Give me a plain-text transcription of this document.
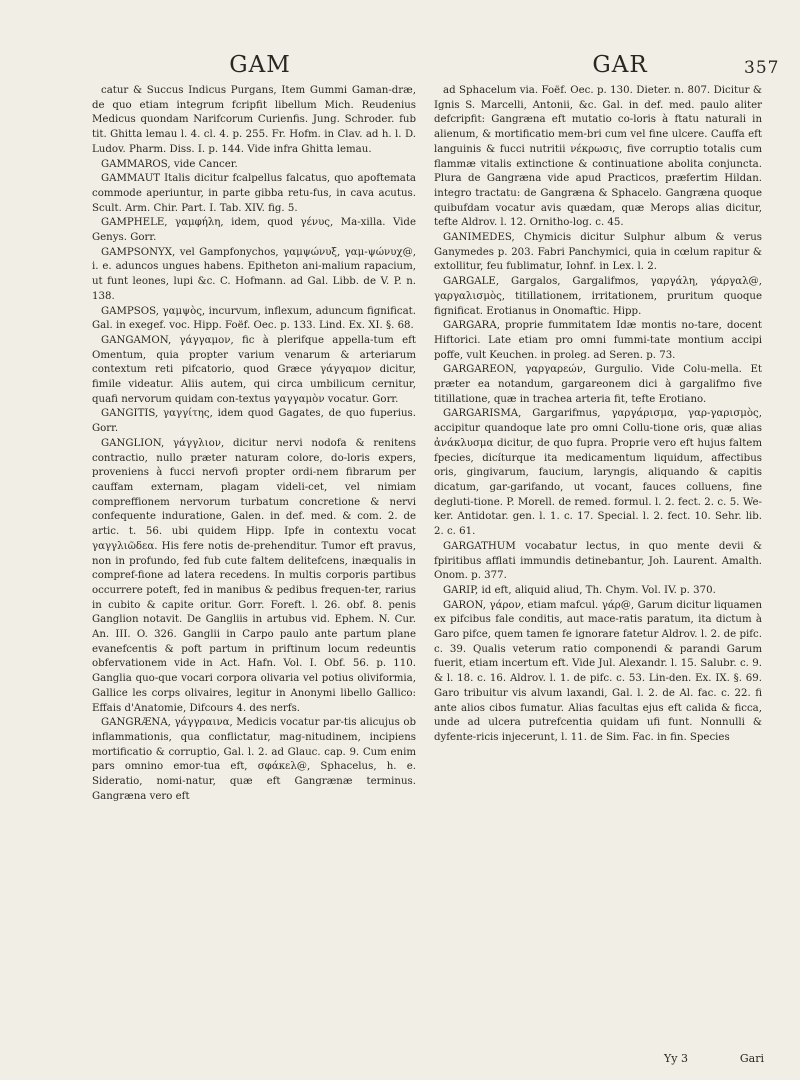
GAM	GAR	357

catur & Succus Indicus Purgans, Item Gummi Gaman-dræ, de quo etiam integrum fcripfit libellum Mich. Reudenius Medicus quondam Narifcorum Curienfis. Jung. Schroder. fub tit. Ghitta lemau l. 4. cl. 4. p. 255. Fr. Hofm. in Clav. ad h. l. D. Ludov. Pharm. Diss. I. p. 144. Vide infra Ghitta lemau.

GAMMAROS, vide Cancer.

GAMMAUT Italis dicitur fcalpellus falcatus, quo apoftemata commode aperiuntur, in parte gibba retu-fus, in cava acutus. Scult. Arm. Chir. Part. I. Tab. XIV. fig. 5.

GAMPHELE, γαμφήλη, idem, quod γένυς, Ma-xilla. Vide Genys. Gorr.

GAMPSONYX, vel Gampfonychos, γαμψώνυξ, γαμ-ψώνυχ@, i. e. aduncos ungues habens. Epitheton ani-malium rapacium, ut funt leones, lupi &c. C. Hofmann. ad Gal. Libb. de V. P. n. 138.

GAMPSOS, γαμψὸς, incurvum, inflexum, aduncum fignificat. Gal. in exegef. voc. Hipp. Foëf. Oec. p. 133. Lind. Ex. XI. §. 68.

GANGAMON, γάγγαμον, fic à plerifque appella-tum eft Omentum, quia propter varium venarum & arteriarum contextum reti pifcatorio, quod Græce γάγγαμον dicitur, fimile videatur. Aliis autem, qui circa umbilicum cernitur, quafi nervorum quidam con-textus γαγγαμὸν vocatur. Gorr.

GANGITIS, γαγγίτης, idem quod Gagates, de quo fuperius. Gorr.

GANGLION, γάγγλιον, dicitur nervi nodofa & renitens contractio, nullo præter naturam colore, do-loris expers, proveniens à fucci nervofi propter ordi-nem fibrarum per cauffam externam, plagam videli-cet, vel nimiam compreffionem nervorum turbatum concretione & nervi confequente induratione, Galen. in def. med. & com. 2. de artic. t. 56. ubi quidem Hipp. Ipfe in contextu vocat γαγγλιῶδεα. His fere notis de-prehenditur. Tumor eft pravus, non in profundo, fed fub cute faltem delitefcens, inæqualis in compref-fione ad latera recedens. In multis corporis partibus occurrere poteft, fed in manibus & pedibus frequen-ter, rarius in cubito & capite oritur. Gorr. Foreft. l. 26. obf. 8. penis Ganglion notavit. De Gangliis in artubus vid. Ephem. N. Cur. An. III. O. 326. Ganglii in Carpo paulo ante partum plane evanefcentis & poft partum in priftinum locum redeuntis obfervationem vide in Act. Hafn. Vol. I. Obf. 56. p. 110. Ganglia quo-que vocari corpora olivaria vel potius oliviformia, Gallice les corps olivaires, legitur in Anonymi libello Gallico: Effais d'Anatomie, Difcours 4. des nerfs.

GANGRÆNA, γάγγραινα, Medicis vocatur par-tis alicujus ob inflammationis, qua conflictatur, mag-nitudinem, incipiens mortificatio & corruptio, Gal. l. 2. ad Glauc. cap. 9. Cum enim pars omnino emor-tua eft, σφάκελ@, Sphacelus, h. e. Sideratio, nomi-natur, quæ eft Gangrænæ terminus. Gangræna vero eft

ad Sphacelum via. Foëf. Oec. p. 130. Dieter. n. 807. Dicitur & Ignis S. Marcelli, Antonii, &c. Gal. in def. med. paulo aliter defcripfit: Gangræna eft mutatio co-loris à ftatu naturali in alienum, & mortificatio mem-bri cum vel fine ulcere. Cauffa eft languinis & fucci nutritii νέκρωσις, five corruptio totalis cum flammæ vitalis extinctione & continuatione abolita conjuncta. Plura de Gangræna vide apud Practicos, præfertim Hildan. integro tractatu: de Gangræna & Sphacelo. Gangræna quoque quibufdam vocatur avis quædam, quæ Merops alias dicitur, tefte Aldrov. l. 12. Ornitho-log. c. 45.

GANIMEDES, Chymicis dicitur Sulphur album & verus Ganymedes p. 203. Fabri Panchymici, quia in cœlum rapitur & extollitur, feu fublimatur, Iohnf. in Lex. l. 2.

GARGALE, Gargalos, Gargalifmos, γαργάλη, γάργαλ@, γαργαλισμὸς, titillationem, irritationem, pruritum quoque fignificat. Erotianus in Onomaftic. Hipp.

GARGARA, proprie fummitatem Idæ montis no-tare, docent Hiftorici. Late etiam pro omni fummi-tate montium accipi poffe, vult Keuchen. in proleg. ad Seren. p. 73.

GARGAREON, γαργαρεών, Gurgulio. Vide Colu-mella. Et præter ea notandum, gargareonem dici à gargalifmo five titillatione, quæ in trachea arteria fit, tefte Erotiano.

GARGARISMA, Gargarifmus, γαργάρισμα, γαρ-γαρισμὸς, accipitur quandoque late pro omni Collu-tione oris, quæ alias ἀνάκλυσμα dicitur, de quo fupra. Proprie vero eft hujus faltem fpecies, dicíturque ita medicamentum liquidum, affectibus oris, gingivarum, faucium, laryngis, aliquando & capitis dicatum, gar-garifando, ut vocant, fauces colluens, fine degluti-tione. P. Morell. de remed. formul. l. 2. fect. 2. c. 5. We-ker. Antidotar. gen. l. 1. c. 17. Special. l. 2. fect. 10. Sehr. lib. 2. c. 61.

GARGATHUM vocabatur lectus, in quo mente devii & fpiritibus afflati immundis detinebantur, Joh. Laurent. Amalth. Onom. p. 377.

GARIP, id eft, aliquid aliud, Th. Chym. Vol. IV. p. 370.

GARON, γάρον, etiam mafcul. γάρ@, Garum dicitur liquamen ex pifcibus fale conditis, aut mace-ratis paratum, ita dictum à Garo pifce, quem tamen fe ignorare fatetur Aldrov. l. 2. de pifc. c. 39. Qualis veterum ratio componendi & parandi Garum fuerit, etiam incertum eft. Vide Jul. Alexandr. l. 15. Salubr. c. 9. & l. 18. c. 16. Aldrov. l. 1. de pifc. c. 53. Lin-den. Ex. IX. §. 69. Garo tribuitur vis alvum laxandi, Gal. l. 2. de Al. fac. c. 22. fi ante alios cibos fumatur. Alias facultas ejus eft calida & ficca, unde ad ulcera putrefcentia quidam ufi funt. Nonnulli & dyfente-ricis injecerunt, l. 11. de Sim. Fac. in fin. Species

Yy 3	Gari
